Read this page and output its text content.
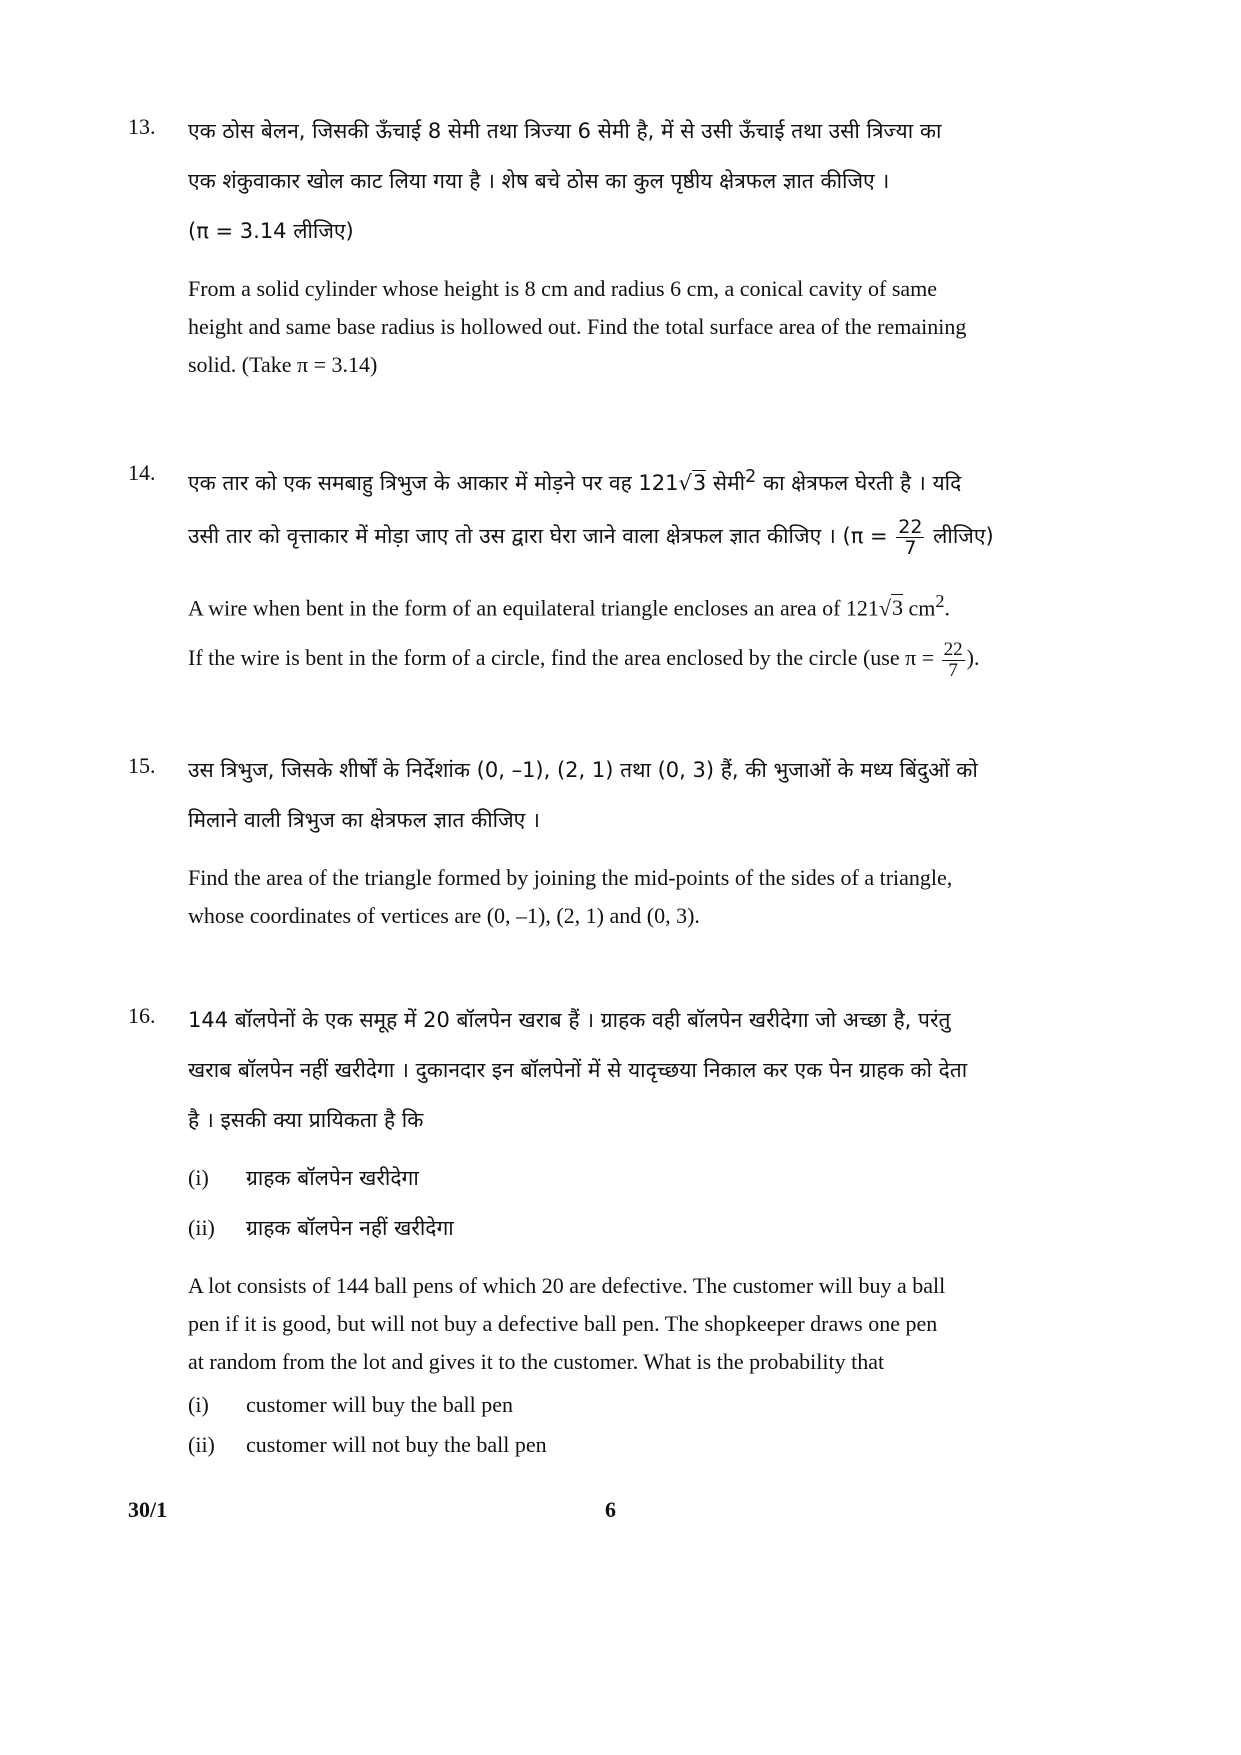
13. एक ठोस बेलन, जिसकी ऊँचाई 8 सेमी तथा त्रिज्या 6 सेमी है, में से उसी ऊँचाई तथा उसी त्रिज्या का

एक शंकुवाकार खोल काट लिया गया है । शेष बचे ठोस का कुल पृष्ठीय क्षेत्रफल ज्ञात कीजिए ।

(π = 3.14 लीजिए)

From a solid cylinder whose height is 8 cm and radius 6 cm, a conical cavity of same

height and same base radius is hollowed out. Find the total surface area of the remaining

solid. (Take π = 3.14)

14. एक तार को एक समबाहु त्रिभुज के आकार में मोड़ने पर वह 121√3 सेमी$^2$ का क्षेत्रफल घेरती है । यदि

उसी तार को वृत्ताकार में मोड़ा जाए तो उस द्वारा घेरा जाने वाला क्षेत्रफल ज्ञात कीजिए । ($\pi = \frac{22}{7}$ लीजिए)

A wire when bent in the form of an equilateral triangle encloses an area of 121√3 $cm^2$.

If the wire is bent in the form of a circle, find the area enclosed by the circle (use $\pi = \frac{22}{7}$ ).

15. उस त्रिभुज, जिसके शीर्षों के निर्देशांक (0, –1), (2, 1) तथा (0, 3) हैं, की भुजाओं के मध्य बिंदुओं को

मिलाने वाली त्रिभुज का क्षेत्रफल ज्ञात कीजिए ।

Find the area of the triangle formed by joining the mid-points of the sides of a triangle,

whose coordinates of vertices are (0, –1), (2, 1) and (0, 3).

16. 144 बॉलपेनों के एक समूह में 20 बॉलपेन खराब हैं । ग्राहक वही बॉलपेन खरीदेगा जो अच्छा है, परंतु

खराब बॉलपेन नहीं खरीदेगा । दुकानदार इन बॉलपेनों में से यादृच्छया निकाल कर एक पेन ग्राहक को देता

है । इसकी क्या प्रायिकता है कि

(i)	ग्राहक बॉलपेन खरीदेगा
(ii)	ग्राहक बॉलपेन नहीं खरीदेगा

A lot consists of 144 ball pens of which 20 are defective. The customer will buy a ball

pen if it is good, but will not buy a defective ball pen. The shopkeeper draws one pen

at random from the lot and gives it to the customer. What is the probability that

(i)	customer will buy the ball pen
(ii)	customer will not buy the ball pen
30/1	6
